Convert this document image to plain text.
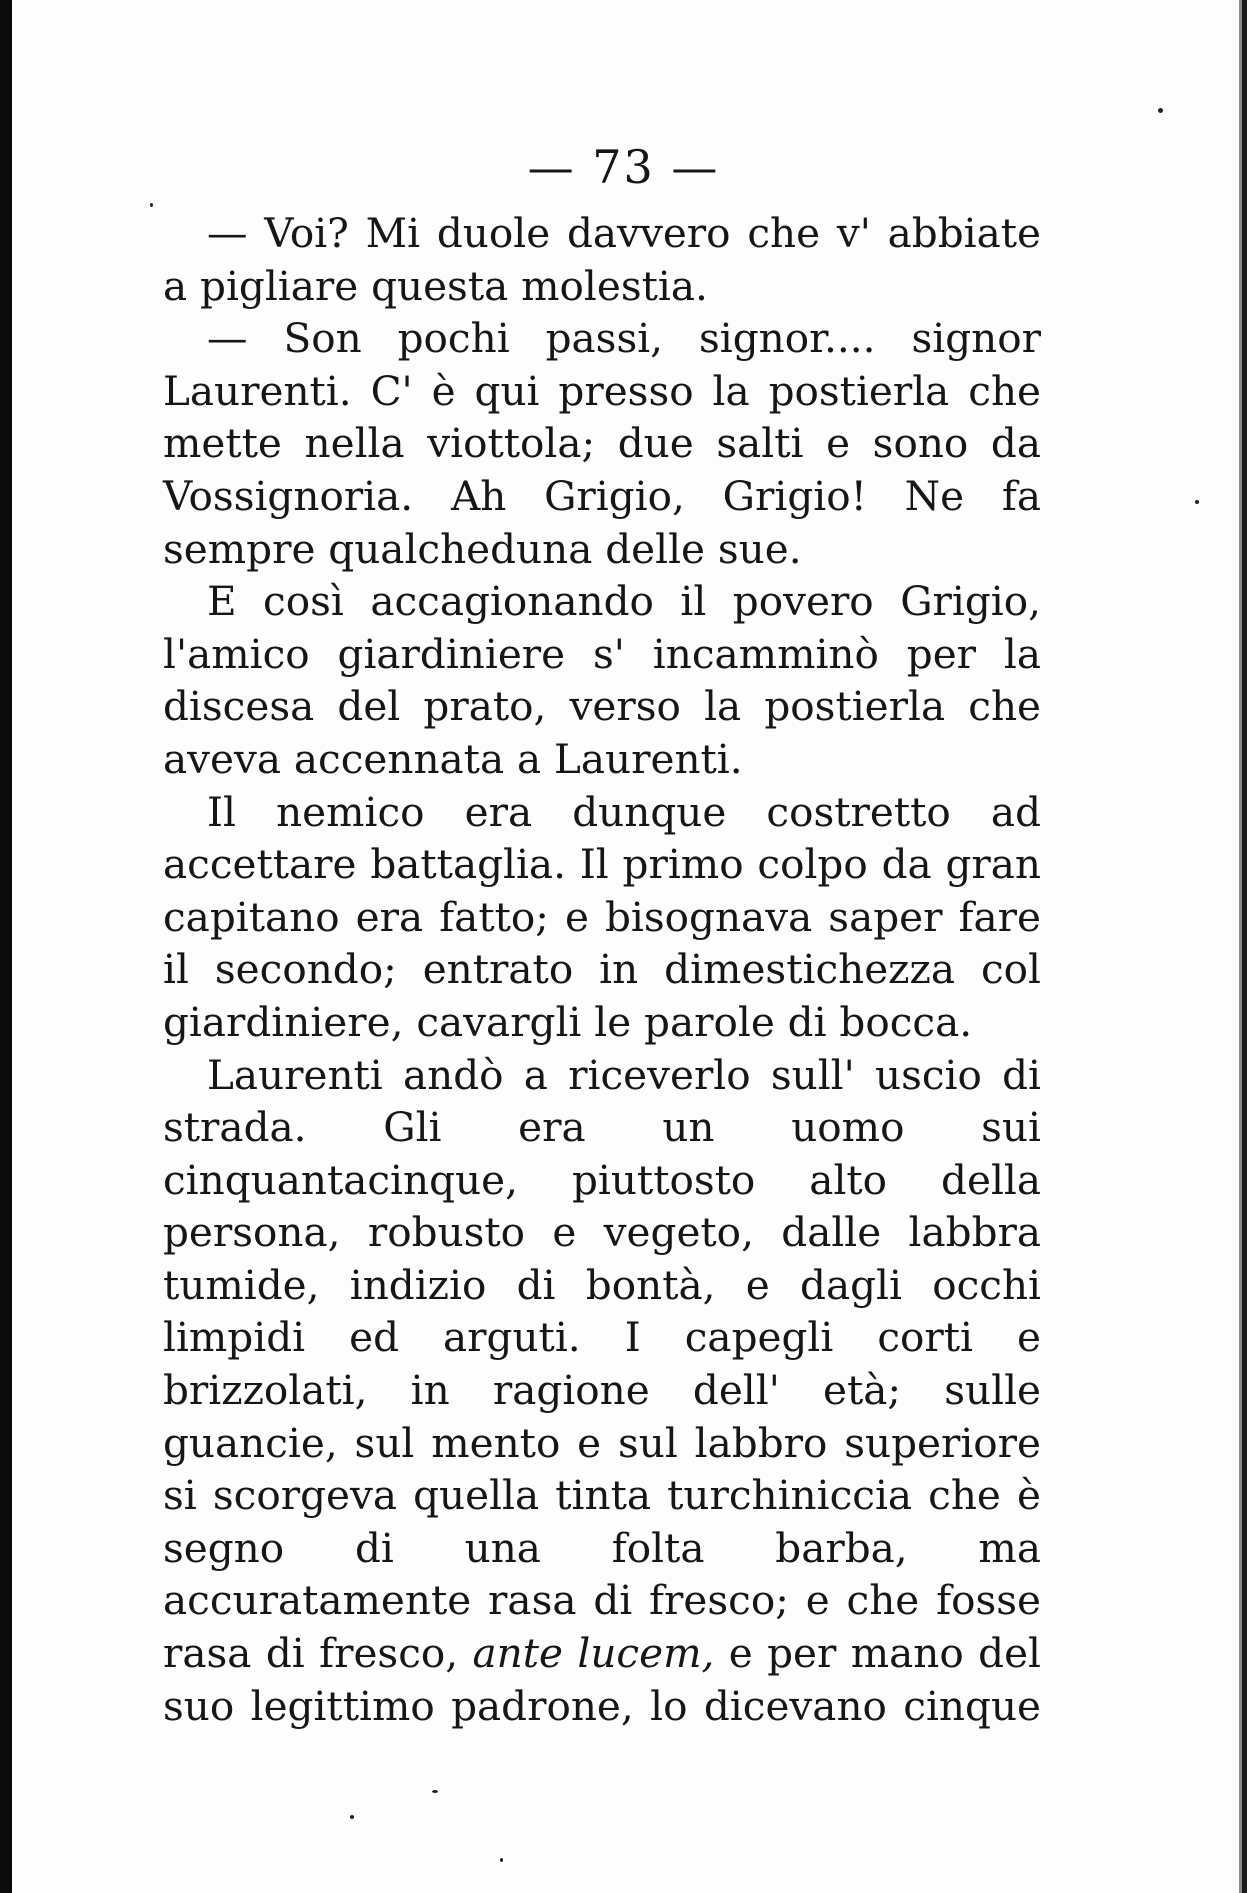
— 73 —

— Voi? Mi duole davvero che v' abbiate a pigliare questa molestia.

— Son pochi passi, signor.... signor Laurenti. C' è qui presso la postierla che mette nella viottola; due salti e sono da Vossignoria. Ah Grigio, Grigio! Ne fa sempre qualcheduna delle sue.

E così accagionando il povero Grigio, l'amico giardiniere s' incamminò per la discesa del prato, verso la postierla che aveva accennata a Laurenti.

Il nemico era dunque costretto ad accettare battaglia. Il primo colpo da gran capitano era fatto; e bisognava saper fare il secondo; entrato in dimestichezza col giardiniere, cavargli le parole di bocca.

Laurenti andò a riceverlo sull' uscio di strada. Gli era un uomo sui cinquantacinque, piuttosto alto della persona, robusto e vegeto, dalle labbra tumide, indizio di bontà, e dagli occhi limpidi ed arguti. I capegli corti e brizzolati, in ragione dell' età; sulle guancie, sul mento e sul labbro superiore si scorgeva quella tinta turchiniccia che è segno di una folta barba, ma accuratamente rasa di fresco; e che fosse rasa di fresco, ante lucem, e per mano del suo legittimo padrone, lo dicevano cinque
